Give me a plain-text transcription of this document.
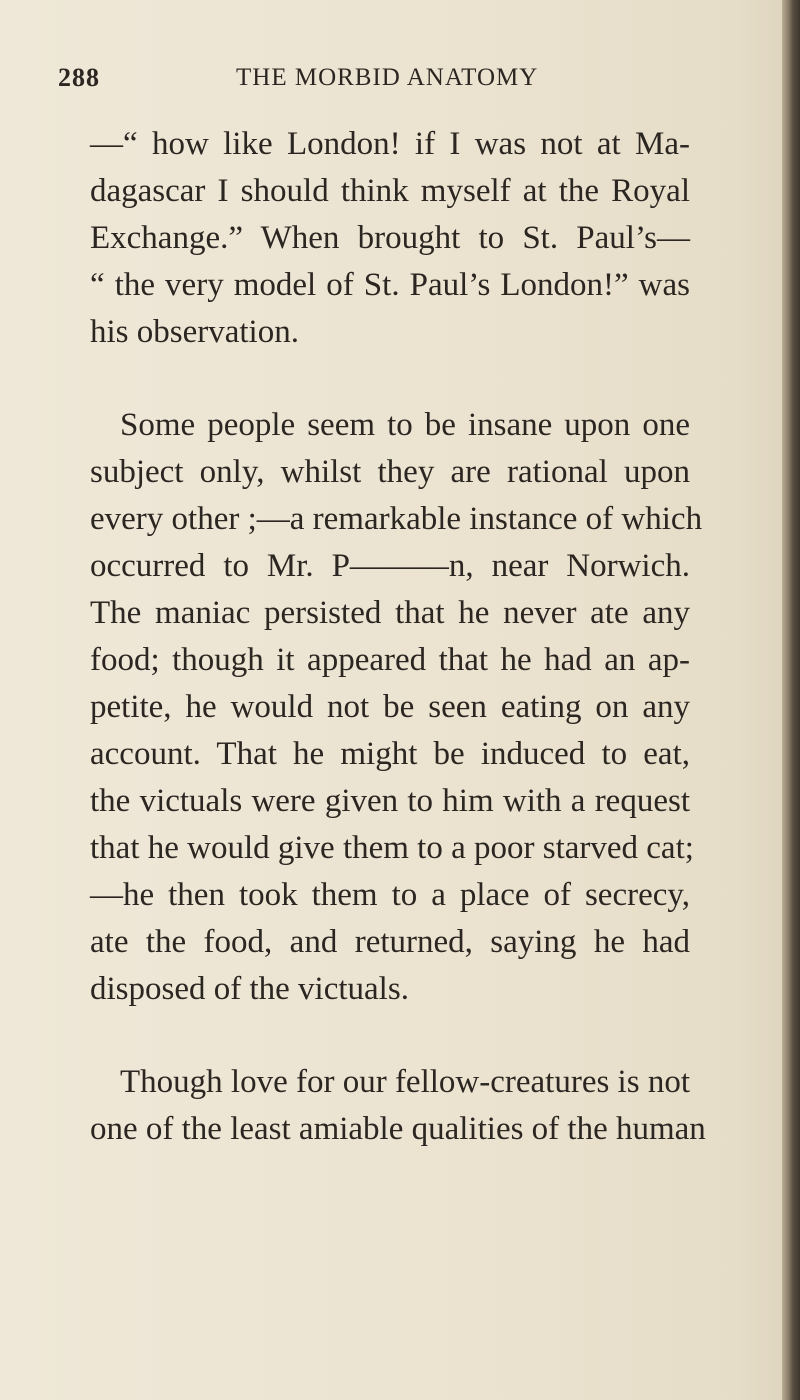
288	THE MORBID ANATOMY
—“ how like London! if I was not at Ma-
dagascar I should think myself at the Royal
Exchange.” When brought to St. Paul’s—
“ the very model of St. Paul’s London!” was
his observation.
Some people seem to be insane upon one
subject only, whilst they are rational upon
every other ;—a remarkable instance of which
occurred to Mr. P———n, near Norwich.
The maniac persisted that he never ate any
food; though it appeared that he had an ap-
petite, he would not be seen eating on any
account. That he might be induced to eat,
the victuals were given to him with a request
that he would give them to a poor starved cat;
—he then took them to a place of secrecy,
ate the food, and returned, saying he had
disposed of the victuals.
Though love for our fellow-creatures is not
one of the least amiable qualities of the human
